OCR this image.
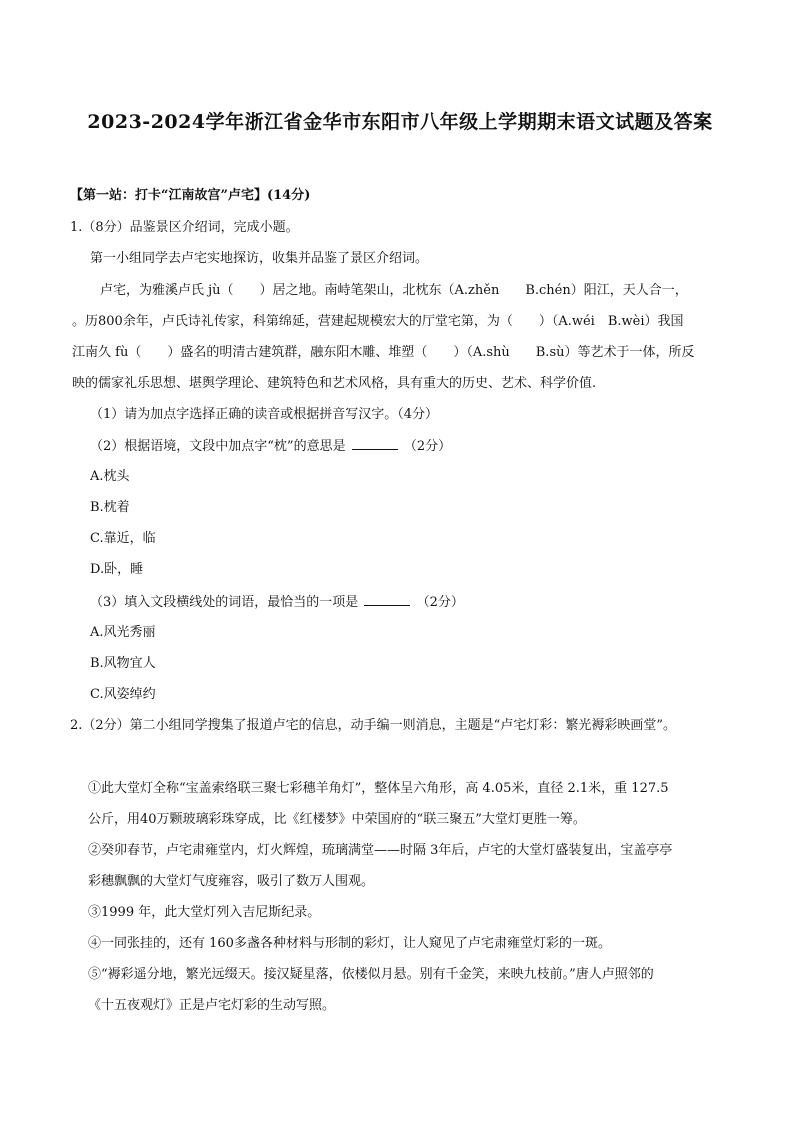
2023-2024学年浙江省金华市东阳市八年级上学期期末语文试题及答案
【第一站：打卡“江南故宫”卢宅】(14分)
1.（8分）品鉴景区介绍词，完成小题。
第一小组同学去卢宅实地探访，收集并品鉴了景区介绍词。
卢宅，为雅溪卢氏 jù（　　）居之地。南峙笔架山，北枕东（A.zhěn　　B.chén）阳江，天人合一，
。历800余年，卢氏诗礼传家，科第绵延，营建起规模宏大的厅堂宅第，为（　　）（A.wéi　B.wèi）我国
江南久 fù（　　）盛名的明清古建筑群，融东阳木雕、堆塑（　　）（A.shù　　B.sù）等艺术于一体，所反
映的儒家礼乐思想、堪舆学理论、建筑特色和艺术风格，具有重大的历史、艺术、科学价值.
（1）请为加点字选择正确的读音或根据拼音写汉字。（4分）
（2）根据语境，文段中加点字“枕”的意思是	（2分）
A.枕头
B.枕着
C.靠近，临
D.卧，睡
（3）填入文段横线处的词语，最恰当的一项是	（2分）
A.风光秀丽
B.风物宜人
C.风姿绰约
2.（2分）第二小组同学搜集了报道卢宅的信息，动手编一则消息，主题是“卢宅灯彩：繁光褥彩映画堂”。
①此大堂灯全称“宝盖索络联三聚七彩穗羊角灯”，整体呈六角形，高 4.05米，直径 2.1米，重 127.5
公斤，用40万颗玻璃彩珠穿成，比《红楼梦》中荣国府的“联三聚五”大堂灯更胜一筹。
②癸卯春节，卢宅肃雍堂内，灯火辉煌，琉璃满堂——时隔 3年后，卢宅的大堂灯盛装复出，宝盖亭亭
彩穗飘飘的大堂灯气度雍容，吸引了数万人围观。
③1999 年，此大堂灯列入吉尼斯纪录。
④一同张挂的，还有 160多盏各种材料与形制的彩灯，让人窥见了卢宅肃雍堂灯彩的一斑。
⑤“褥彩遥分地，繁光远缀天。接汉疑星落，依楼似月悬。别有千金笑，来映九枝前。”唐人卢照邻的
《十五夜观灯》正是卢宅灯彩的生动写照。
